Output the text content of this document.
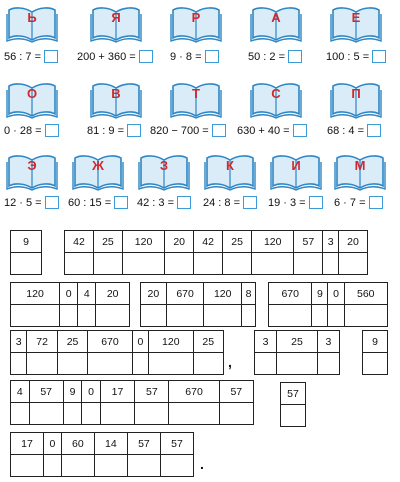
Ь	Я	Р	А	Е
56 : 7 =	200 + 360 =	9 · 8 =	50 : 2 =	100 : 5 =
О	В	Т	С	П
0 · 28 =	81 : 9 = 820 − 700 =	630 + 40 =	68 : 4 =
Э	Ж	З	К	И	М
12 · 5 = 60 : 15 = 42 : 3 =	24 : 8 =	19 · 3 =	6 · 7 =
9	42	25	120	20	42	25	120	57	3	20

120	0	4	20
				20	670	120	8
				670	9	0	560

3	72	25	670	0	120	25

,
3	25	3
			9

4	57	9	0	17	57	670	57
								57

17	0	60	14	57	57

.
